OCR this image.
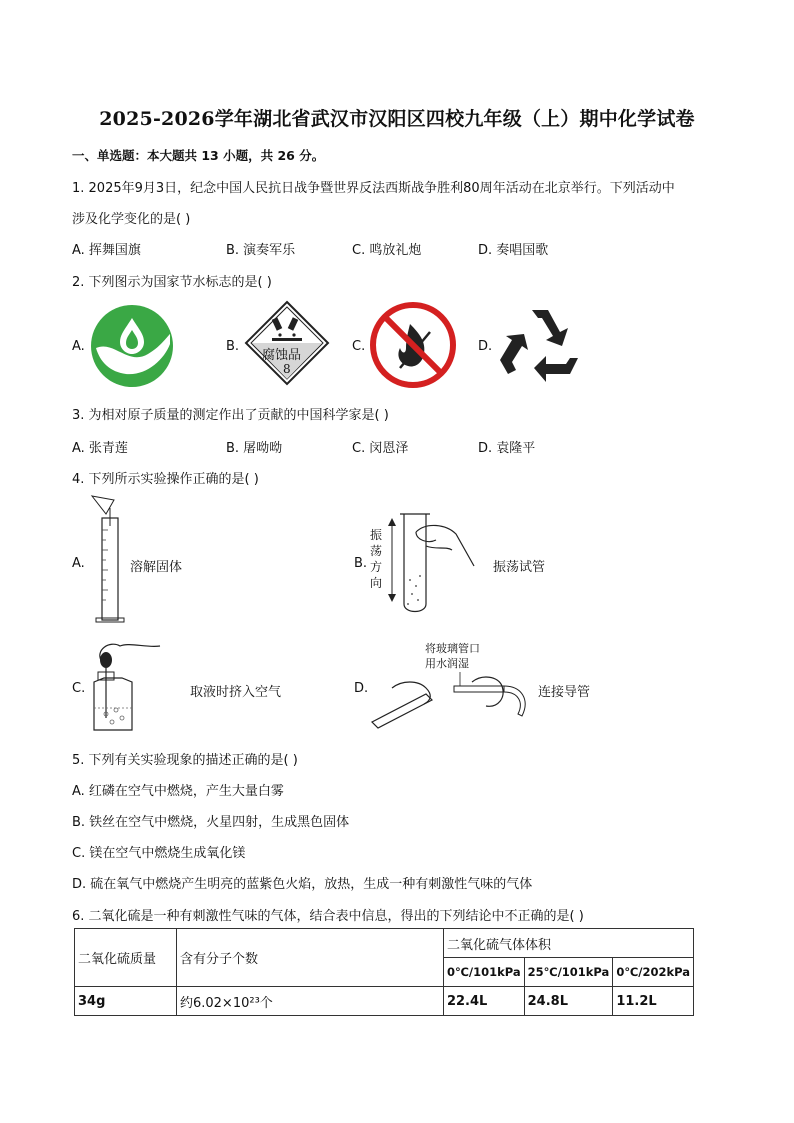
2025-2026学年湖北省武汉市汉阳区四校九年级（上）期中化学试卷
一、单选题：本大题共 13 小题，共 26 分。
1. 2025年9月3日，纪念中国人民抗日战争暨世界反法西斯战争胜利80周年活动在北京举行。下列活动中
涉及化学变化的是( )
A. 挥舞国旗	B. 演奏军乐	C. 鸣放礼炮	D. 奏唱国歌
2. 下列图示为国家节水标志的是( )
A.	B.	C.	D.
腐蚀品
8
3. 为相对原子质量的测定作出了贡献的中国科学家是( )
A. 张青莲	B. 屠呦呦	C. 闵恩泽	D. 袁隆平
4. 下列所示实验操作正确的是( )
A.	溶解固体	B.
振
荡
方
向
振荡试管
C.	取液时挤入空气	D.
将玻璃管口
用水润湿
连接导管
5. 下列有关实验现象的描述正确的是( )
A. 红磷在空气中燃烧，产生大量白雾
B. 铁丝在空气中燃烧，火星四射，生成黑色固体
C. 镁在空气中燃烧生成氧化镁
D. 硫在氧气中燃烧产生明亮的蓝紫色火焰，放热，生成一种有刺激性气味的气体
6. 二氧化硫是一种有刺激性气味的气体，结合表中信息，得出的下列结论中不正确的是( )
二氧化硫质量	含有分子个数	二氧化硫气体体积		
		0℃/101kPa	25℃/101kPa	0℃/202kPa
34g	约6.02×10²³个	22.4L	24.8L	11.2L
